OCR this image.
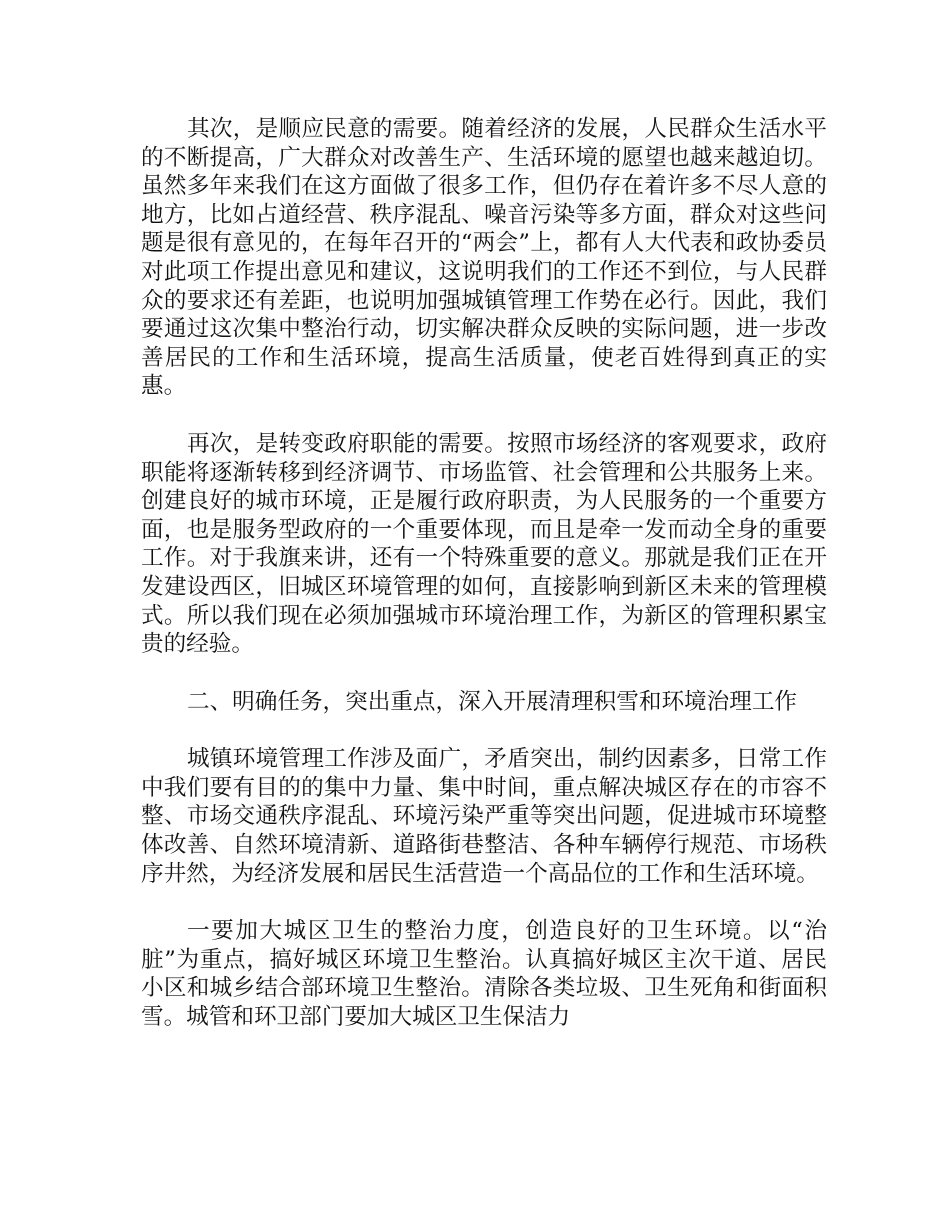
其次，是顺应民意的需要。随着经济的发展，人民群众生活水平的不断提高，广大群众对改善生产、生活环境的愿望也越来越迫切。虽然多年来我们在这方面做了很多工作，但仍存在着许多不尽人意的地方，比如占道经营、秩序混乱、噪音污染等多方面，群众对这些问题是很有意见的，在每年召开的“两会”上，都有人大代表和政协委员对此项工作提出意见和建议，这说明我们的工作还不到位，与人民群众的要求还有差距，也说明加强城镇管理工作势在必行。因此，我们要通过这次集中整治行动，切实解决群众反映的实际问题，进一步改善居民的工作和生活环境，提高生活质量，使老百姓得到真正的实惠。

再次，是转变政府职能的需要。按照市场经济的客观要求，政府职能将逐渐转移到经济调节、市场监管、社会管理和公共服务上来。创建良好的城市环境，正是履行政府职责，为人民服务的一个重要方面，也是服务型政府的一个重要体现，而且是牵一发而动全身的重要工作。对于我旗来讲，还有一个特殊重要的意义。那就是我们正在开发建设西区，旧城区环境管理的如何，直接影响到新区未来的管理模式。所以我们现在必须加强城市环境治理工作，为新区的管理积累宝贵的经验。

二、明确任务，突出重点，深入开展清理积雪和环境治理工作

城镇环境管理工作涉及面广，矛盾突出，制约因素多，日常工作中我们要有目的的集中力量、集中时间，重点解决城区存在的市容不整、市场交通秩序混乱、环境污染严重等突出问题，促进城市环境整体改善、自然环境清新、道路街巷整洁、各种车辆停行规范、市场秩序井然，为经济发展和居民生活营造一个高品位的工作和生活环境。

一要加大城区卫生的整治力度，创造良好的卫生环境。以“治脏”为重点，搞好城区环境卫生整治。认真搞好城区主次干道、居民小区和城乡结合部环境卫生整治。清除各类垃圾、卫生死角和街面积雪。城管和环卫部门要加大城区卫生保洁力
